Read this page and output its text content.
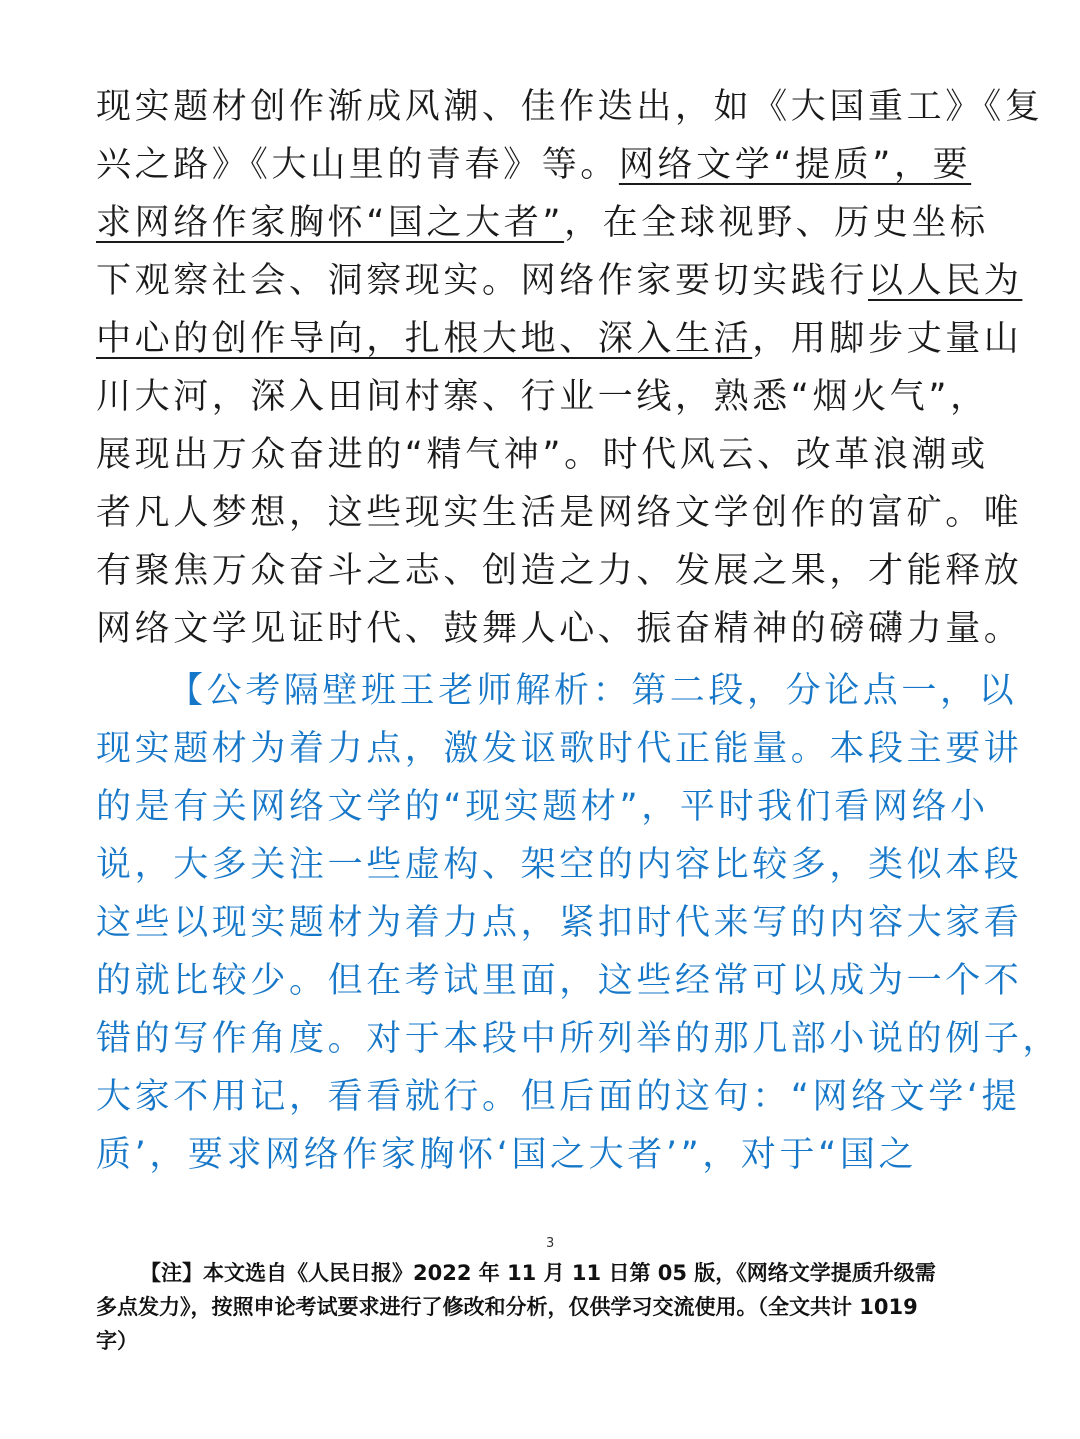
现实题材创作渐成风潮、佳作迭出，如《大国重工》《复
兴之路》《大山里的青春》等。网络文学“提质”，要
求网络作家胸怀“国之大者”，在全球视野、历史坐标
下观察社会、洞察现实。网络作家要切实践行以人民为
中心的创作导向，扎根大地、深入生活，用脚步丈量山
川大河，深入田间村寨、行业一线，熟悉“烟火气”，
展现出万众奋进的“精气神”。时代风云、改革浪潮或
者凡人梦想，这些现实生活是网络文学创作的富矿。唯
有聚焦万众奋斗之志、创造之力、发展之果，才能释放
网络文学见证时代、鼓舞人心、振奋精神的磅礴力量。
【公考隔壁班王老师解析：第二段，分论点一，以
现实题材为着力点，激发讴歌时代正能量。本段主要讲
的是有关网络文学的“现实题材”，平时我们看网络小
说，大多关注一些虚构、架空的内容比较多，类似本段
这些以现实题材为着力点，紧扣时代来写的内容大家看
的就比较少。但在考试里面，这些经常可以成为一个不
错的写作角度。对于本段中所列举的那几部小说的例子，
大家不用记，看看就行。但后面的这句：“网络文学‘提
质’，要求网络作家胸怀‘国之大者’”，对于“国之
3
【注】本文选自《人民日报》2022 年 11 月 11 日第 05 版，《网络文学提质升级需
多点发力》，按照申论考试要求进行了修改和分析，仅供学习交流使用。（全文共计 1019
字）
